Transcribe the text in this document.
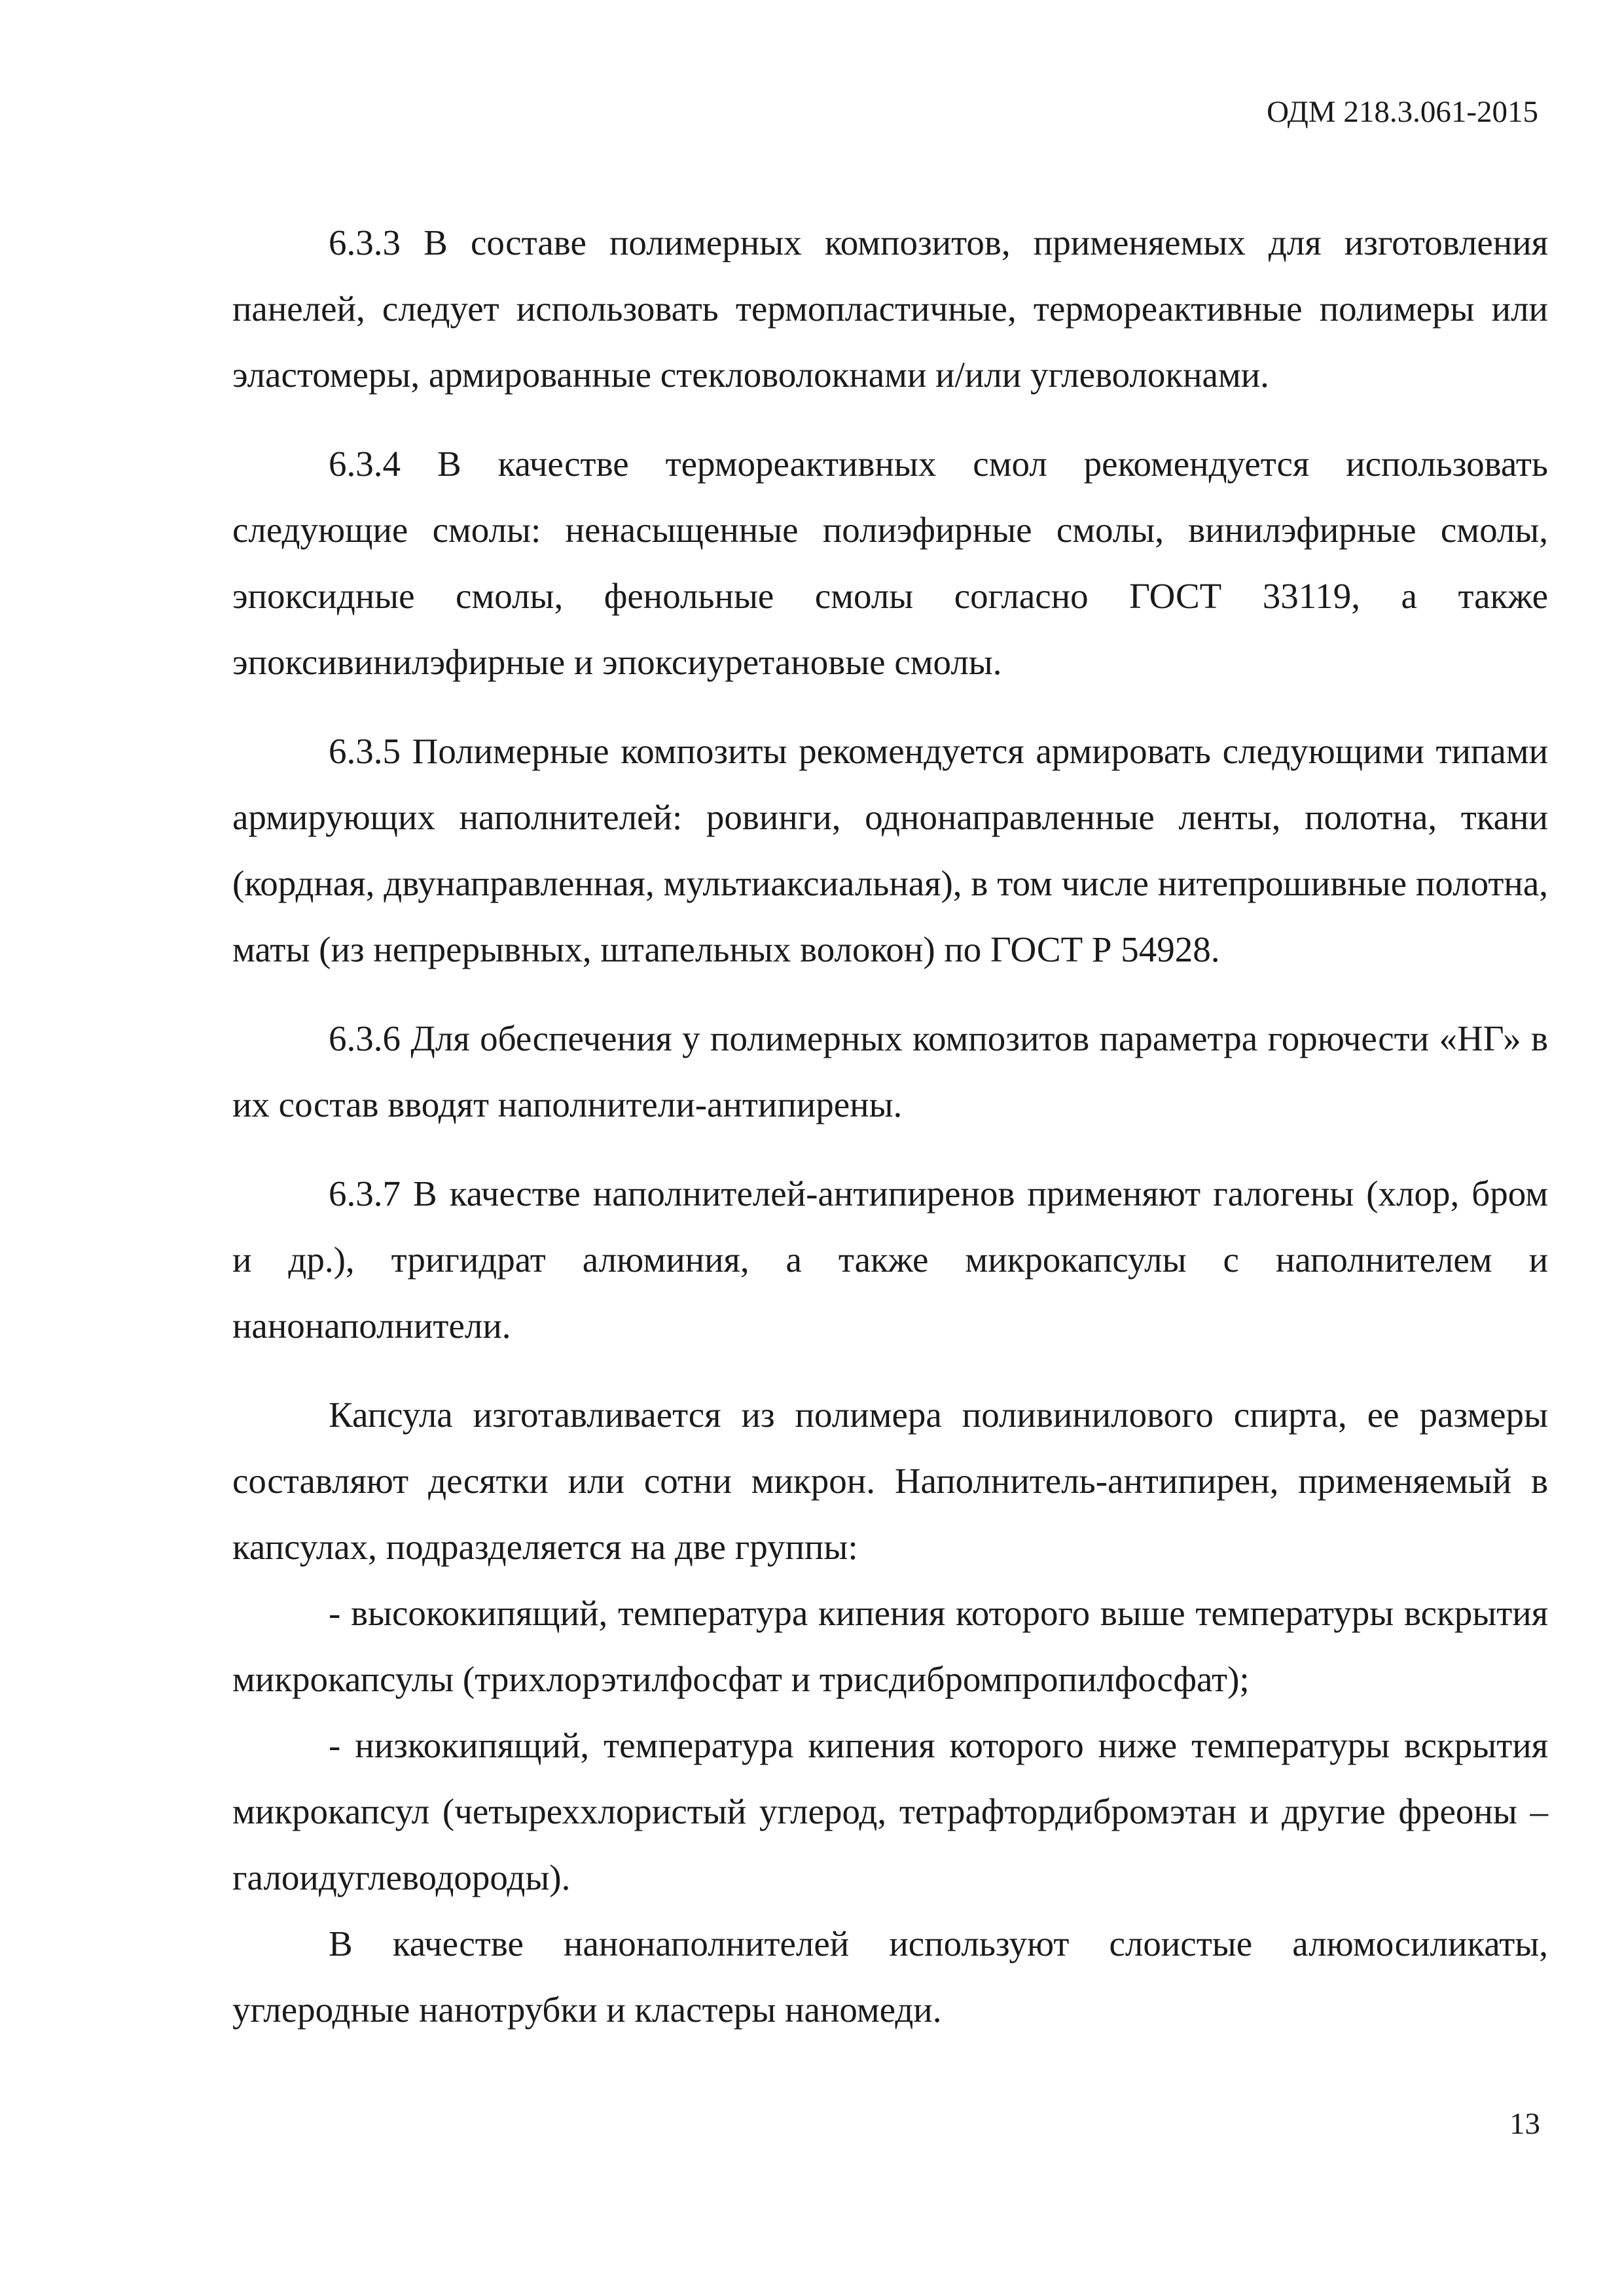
ОДМ 218.3.061-2015

6.3.3 В составе полимерных композитов, применяемых для изготовления панелей, следует использовать термопластичные, термореактивные полимеры или эластомеры, армированные стекловолокнами и/или углеволокнами.

6.3.4 В качестве термореактивных смол рекомендуется использовать следующие смолы: ненасыщенные полиэфирные смолы, винилэфирные смолы, эпоксидные смолы, фенольные смолы согласно ГОСТ 33119, а также эпоксивинилэфирные и эпоксиуретановые смолы.

6.3.5 Полимерные композиты рекомендуется армировать следующими типами армирующих наполнителей: ровинги, однонаправленные ленты, полотна, ткани (кордная, двунаправленная, мультиаксиальная), в том числе нитепрошивные полотна, маты (из непрерывных, штапельных волокон) по ГОСТ Р 54928.

6.3.6 Для обеспечения у полимерных композитов параметра горючести «НГ» в их состав вводят наполнители-антипирены.

6.3.7 В качестве наполнителей-антипиренов применяют галогены (хлор, бром и др.), тригидрат алюминия, а также микрокапсулы с наполнителем и нанонаполнители.

Капсула изготавливается из полимера поливинилового спирта, ее размеры составляют десятки или сотни микрон. Наполнитель-антипирен, применяемый в капсулах, подразделяется на две группы:

- высококипящий, температура кипения которого выше температуры вскрытия микрокапсулы (трихлорэтилфосфат и трисдибромпропилфосфат);

- низкокипящий, температура кипения которого ниже температуры вскрытия микрокапсул (четыреххлористый углерод, тетрафтордибромэтан и другие фреоны – галоидуглеводороды).

В качестве нанонаполнителей используют слоистые алюмосиликаты, углеродные нанотрубки и кластеры наномеди.

13
